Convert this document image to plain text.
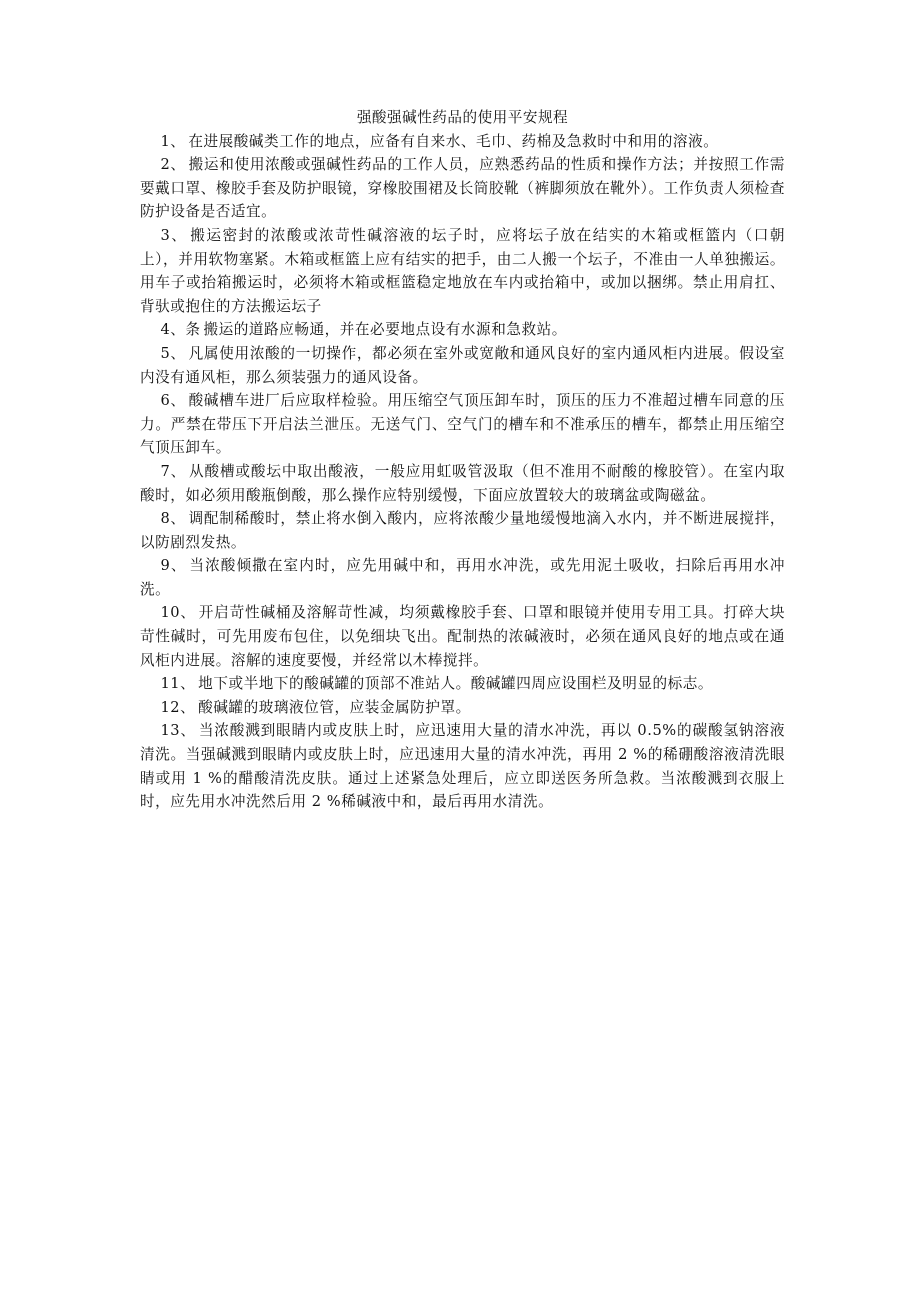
强酸强碱性药品的使用平安规程

1、 在进展酸碱类工作的地点，应备有自来水、毛巾、药棉及急救时中和用的溶液。

2、 搬运和使用浓酸或强碱性药品的工作人员，应熟悉药品的性质和操作方法；并按照工作需要戴口罩、橡胶手套及防护眼镜，穿橡胶围裙及长筒胶靴（裤脚须放在靴外）。工作负责人须检查防护设备是否适宜。

3、 搬运密封的浓酸或浓苛性碱溶液的坛子时，应将坛子放在结实的木箱或框篮内（口朝上），并用软物塞紧。木箱或框篮上应有结实的把手，由二人搬一个坛子，不准由一人单独搬运。用车子或抬箱搬运时，必须将木箱或框篮稳定地放在车内或抬箱中，或加以捆绑。禁止用肩扛、背驮或抱住的方法搬运坛子

4、条 搬运的道路应畅通，并在必要地点设有水源和急救站。

5、 凡属使用浓酸的一切操作，都必须在室外或宽敞和通风良好的室内通风柜内进展。假设室内没有通风柜，那么须装强力的通风设备。

6、 酸碱槽车进厂后应取样检验。用压缩空气顶压卸车时，顶压的压力不准超过槽车同意的压力。严禁在带压下开启法兰泄压。无送气门、空气门的槽车和不准承压的槽车，都禁止用压缩空气顶压卸车。

7、 从酸槽或酸坛中取出酸液，一般应用虹吸管汲取（但不准用不耐酸的橡胶管）。在室内取酸时，如必须用酸瓶倒酸，那么操作应特别缓慢，下面应放置较大的玻璃盆或陶磁盆。

8、 调配制稀酸时，禁止将水倒入酸内，应将浓酸少量地缓慢地滴入水内，并不断进展搅拌，以防剧烈发热。

9、 当浓酸倾撒在室内时，应先用碱中和，再用水冲洗，或先用泥土吸收，扫除后再用水冲洗。

10、 开启苛性碱桶及溶解苛性减，均须戴橡胶手套、口罩和眼镜并使用专用工具。打碎大块苛性碱时，可先用废布包住，以免细块飞出。配制热的浓碱液时，必须在通风良好的地点或在通风柜内进展。溶解的速度要慢，并经常以木棒搅拌。

11、 地下或半地下的酸碱罐的顶部不准站人。酸碱罐四周应设围栏及明显的标志。

12、 酸碱罐的玻璃液位管，应装金属防护罩。

13、 当浓酸溅到眼睛内或皮肤上时，应迅速用大量的清水冲洗，再以 0.5%的碳酸氢钠溶液清洗。当强碱溅到眼睛内或皮肤上时，应迅速用大量的清水冲洗，再用 2 %的稀硼酸溶液清洗眼睛或用 1 %的醋酸清洗皮肤。通过上述紧急处理后，应立即送医务所急救。当浓酸溅到衣服上时，应先用水冲洗然后用 2 %稀碱液中和，最后再用水清洗。
